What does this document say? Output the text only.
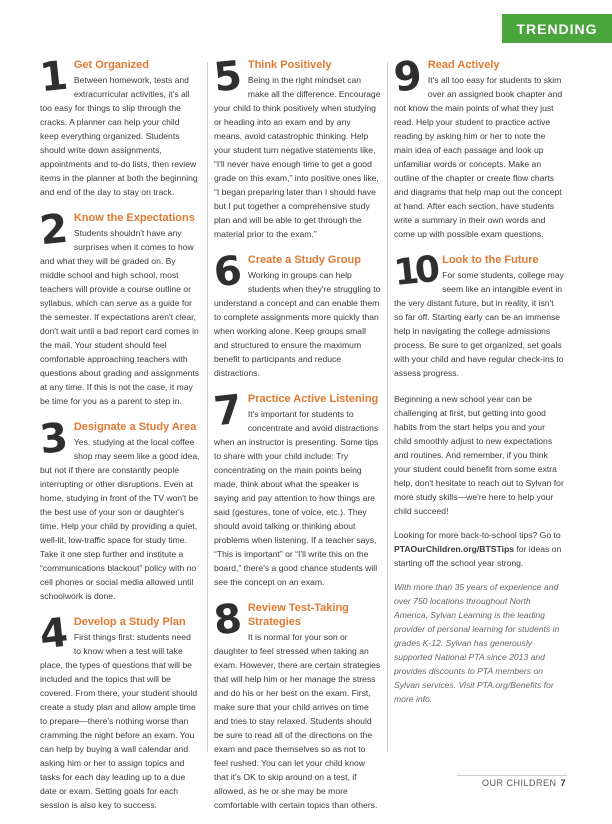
TRENDING
1 Get Organized

Between homework, tests and extracurricular activities, it's all too easy for things to slip through the cracks. A planner can help your child keep everything organized. Students should write down assignments, appointments and to-do lists, then review items in the planner at both the beginning and end of the day to stay on track.

2 Know the Expectations

Students shouldn't have any surprises when it comes to how and what they will be graded on. By middle school and high school, most teachers will provide a course outline or syllabus, which can serve as a guide for the semester. If expectations aren't clear, don't wait until a bad report card comes in the mail. Your student should feel comfortable approaching teachers with questions about grading and assignments at any time. If this is not the case, it may be time for you as a parent to step in.

3 Designate a Study Area

Yes, studying at the local coffee shop may seem like a good idea, but not if there are constantly people interrupting or other disruptions. Even at home, studying in front of the TV won't be the best use of your son or daughter's time. Help your child by providing a quiet, well-lit, low-traffic space for study time. Take it one step further and institute a “communications blackout” policy with no cell phones or social media allowed until schoolwork is done.

4 Develop a Study Plan

First things first: students need to know when a test will take place, the types of questions that will be included and the topics that will be covered. From there, your student should create a study plan and allow ample time to prepare—there's nothing worse than cramming the night before an exam. You can help by buying a wall calendar and asking him or her to assign topics and tasks for each day leading up to a due date or exam. Setting goals for each session is also key to success.

5 Think Positively

Being in the right mindset can make all the difference. Encourage your child to think positively when studying or heading into an exam and by any means, avoid catastrophic thinking. Help your student turn negative statements like, “I'll never have enough time to get a good grade on this exam,” into positive ones like, “I began preparing later than I should have but I put together a comprehensive study plan and will be able to get through the material prior to the exam.”

6 Create a Study Group

Working in groups can help students when they're struggling to understand a concept and can enable them to complete assignments more quickly than when working alone. Keep groups small and structured to ensure the maximum benefit to participants and reduce distractions.

7 Practice Active Listening

It's important for students to concentrate and avoid distractions when an instructor is presenting. Some tips to share with your child include: Try concentrating on the main points being made, think about what the speaker is saying and pay attention to how things are said (gestures, tone of voice, etc.). They should avoid talking or thinking about problems when listening. If a teacher says, “This is important” or “I'll write this on the board,” there's a good chance students will see the concept on an exam.

8 Review Test-Taking Strategies

It is normal for your son or daughter to feel stressed when taking an exam. However, there are certain strategies that will help him or her manage the stress and do his or her best on the exam. First, make sure that your child arrives on time and tries to stay relaxed. Students should be sure to read all of the directions on the exam and pace themselves so as not to feel rushed. You can let your child know that it's OK to skip around on a test, if allowed, as he or she may be more comfortable with certain topics than others.

9 Read Actively

It's all too easy for students to skim over an assigned book chapter and not know the main points of what they just read. Help your student to practice active reading by asking him or her to note the main idea of each passage and look up unfamiliar words or concepts. Make an outline of the chapter or create flow charts and diagrams that help map out the concept at hand. After each section, have students write a summary in their own words and come up with possible exam questions.

10 Look to the Future

For some students, college may seem like an intangible event in the very distant future, but in reality, it isn't so far off. Starting early can be an immense help in navigating the college admissions process. Be sure to get organized, set goals with your child and have regular check-ins to assess progress.

Beginning a new school year can be challenging at first, but getting into good habits from the start helps you and your child smoothly adjust to new expectations and routines. And remember, if you think your student could benefit from some extra help, don't hesitate to reach out to Sylvan for more study skills—we're here to help your child succeed!

Looking for more back-to-school tips? Go to PTAOurChildren.org/BTSTips for ideas on starting off the school year strong.

With more than 35 years of experience and over 750 locations throughout North America, Sylvan Learning is the leading provider of personal learning for students in grades K-12. Sylvan has generously supported National PTA since 2013 and provides discounts to PTA members on Sylvan services. Visit PTA.org/Benefits for more info.

OUR CHILDREN 7
